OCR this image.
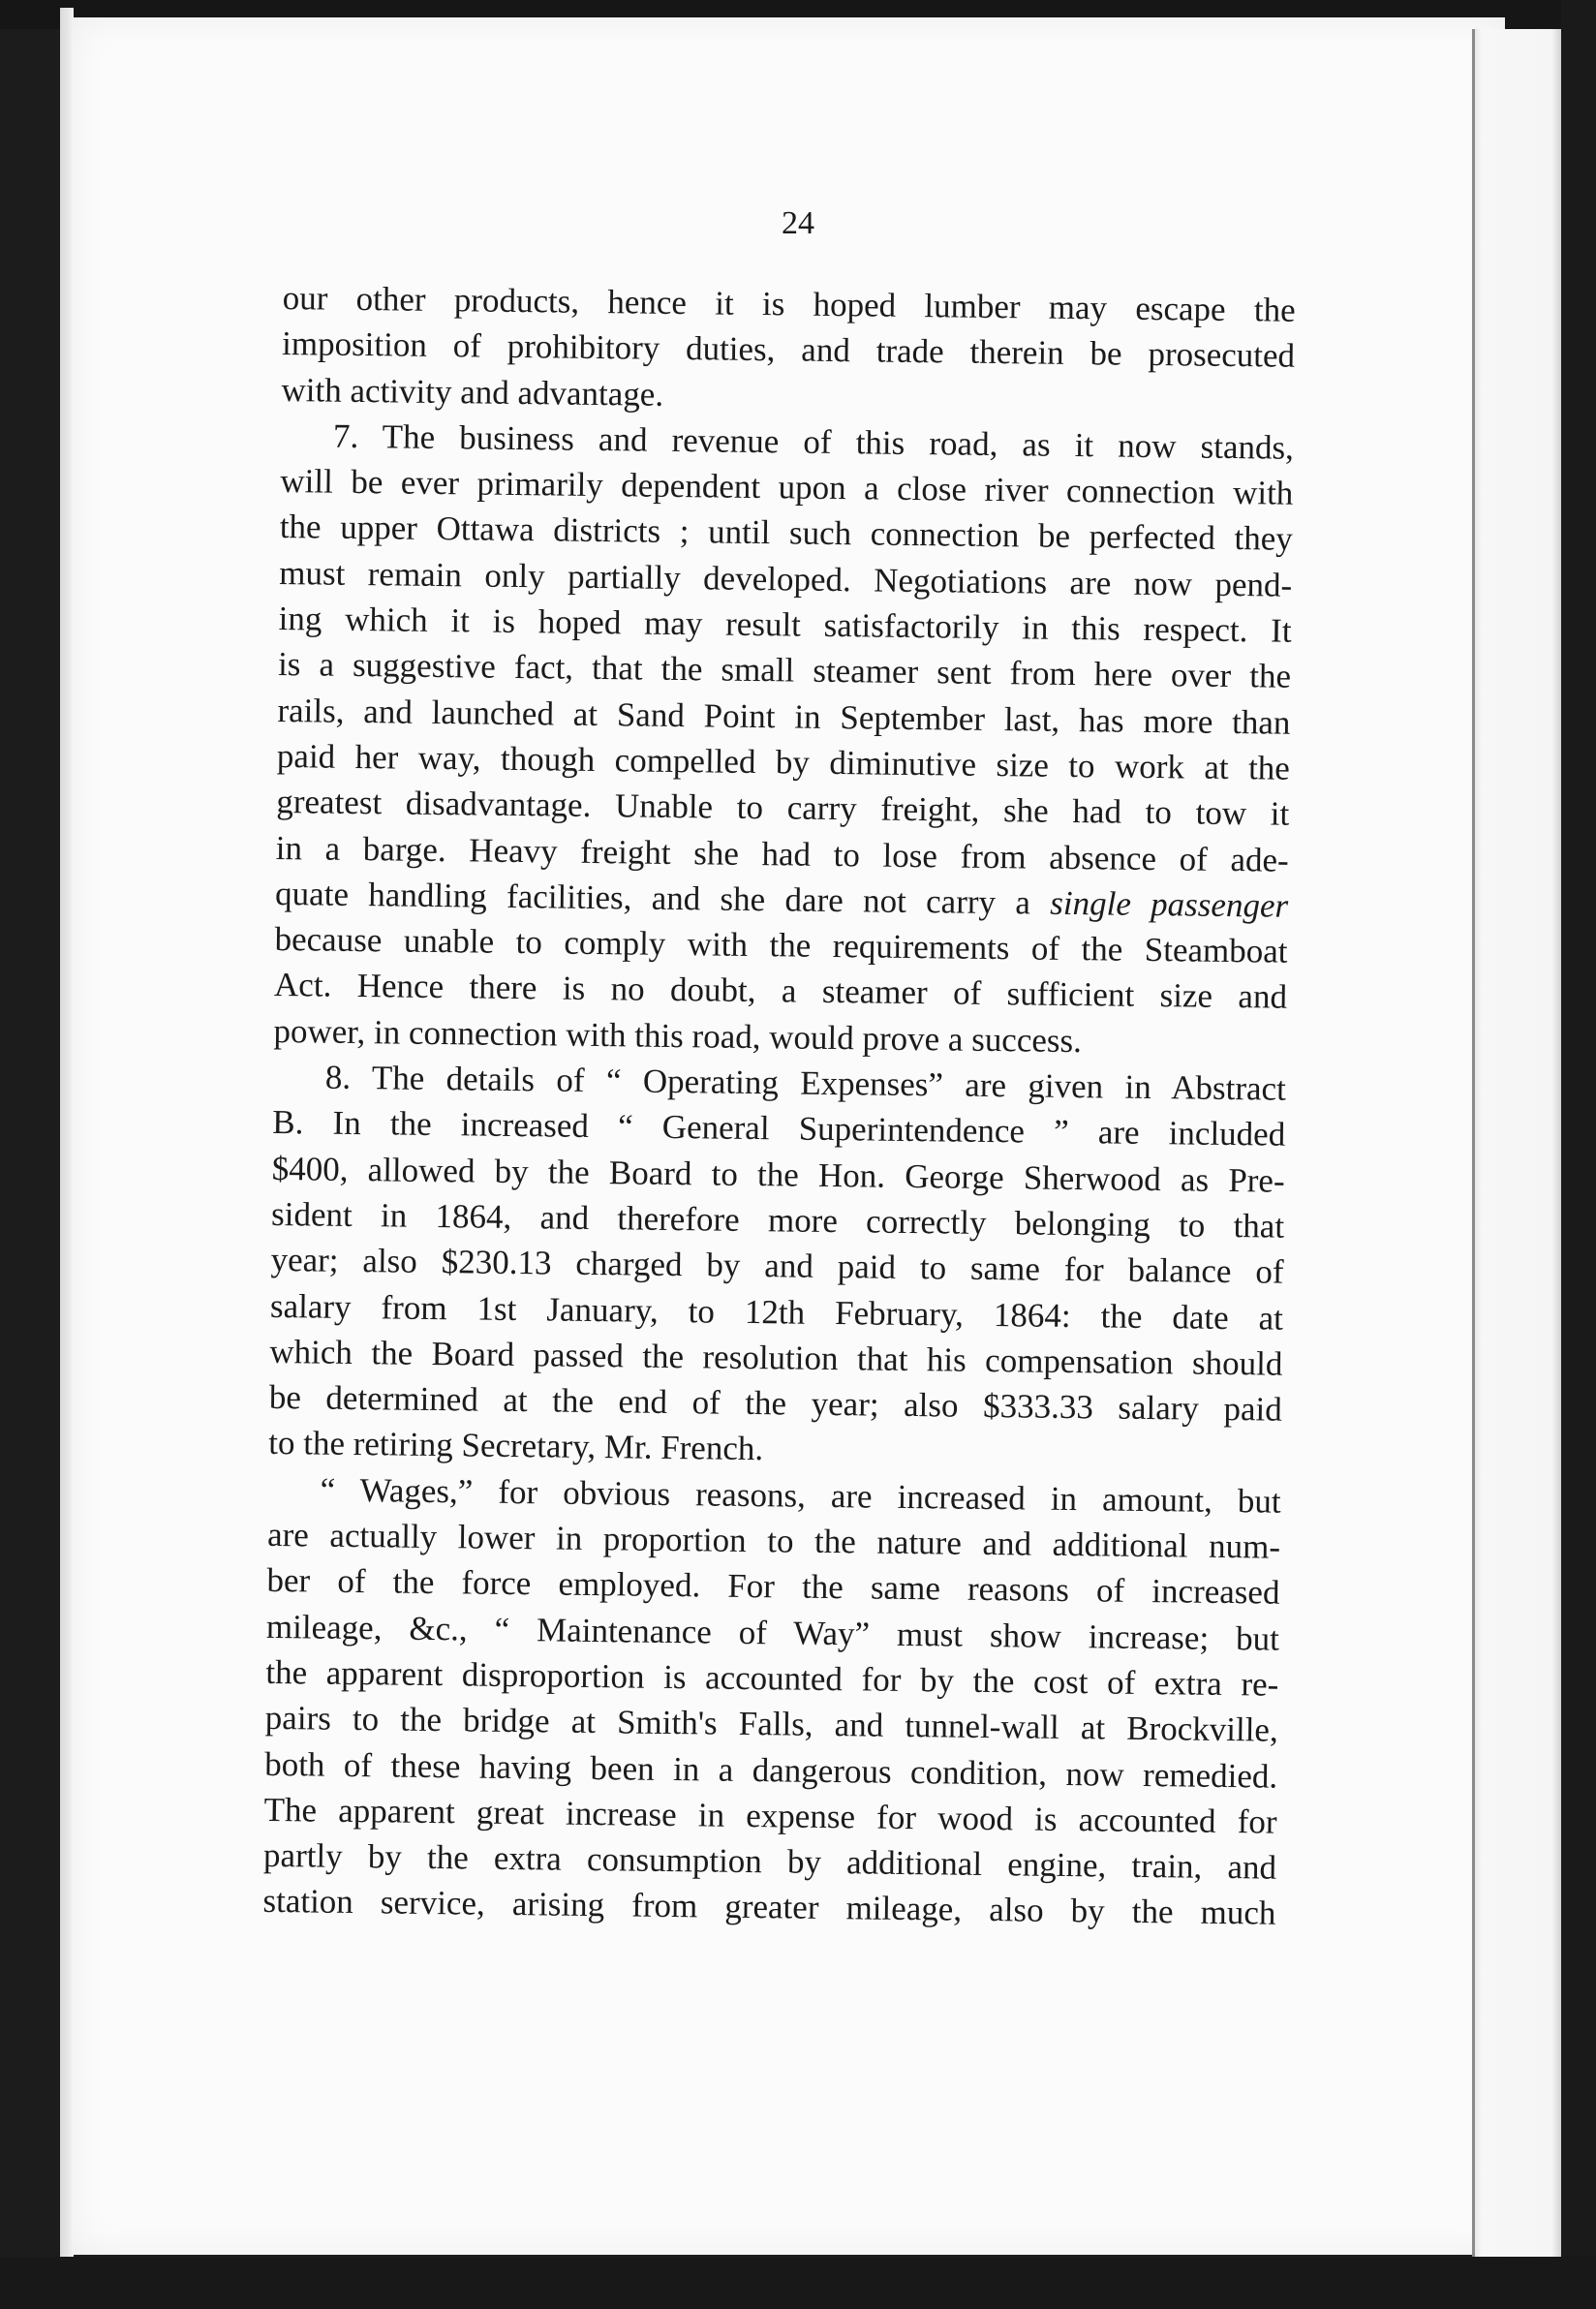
24
our other products, hence it is hoped lumber may escape the
imposition of prohibitory duties, and trade therein be prosecuted
with activity and advantage.
7. The business and revenue of this road, as it now stands,
will be ever primarily dependent upon a close river connection with
the upper Ottawa districts ; until such connection be perfected they
must remain only partially developed. Negotiations are now pend-
ing which it is hoped may result satisfactorily in this respect. It
is a suggestive fact, that the small steamer sent from here over the
rails, and launched at Sand Point in September last, has more than
paid her way, though compelled by diminutive size to work at the
greatest disadvantage. Unable to carry freight, she had to tow it
in a barge. Heavy freight she had to lose from absence of ade-
quate handling facilities, and she dare not carry a single passenger
because unable to comply with the requirements of the Steamboat
Act. Hence there is no doubt, a steamer of sufficient size and
power, in connection with this road, would prove a success.
8. The details of “ Operating Expenses” are given in Abstract
B. In the increased “ General Superintendence ” are included
$400, allowed by the Board to the Hon. George Sherwood as Pre-
sident in 1864, and therefore more correctly belonging to that
year; also $230.13 charged by and paid to same for balance of
salary from 1st January, to 12th February, 1864: the date at
which the Board passed the resolution that his compensation should
be determined at the end of the year; also $333.33 salary paid
to the retiring Secretary, Mr. French.
“ Wages,” for obvious reasons, are increased in amount, but
are actually lower in proportion to the nature and additional num-
ber of the force employed. For the same reasons of increased
mileage, &c., “ Maintenance of Way” must show increase; but
the apparent disproportion is accounted for by the cost of extra re-
pairs to the bridge at Smith's Falls, and tunnel-wall at Brockville,
both of these having been in a dangerous condition, now remedied.
The apparent great increase in expense for wood is accounted for
partly by the extra consumption by additional engine, train, and
station service, arising from greater mileage, also by the much
